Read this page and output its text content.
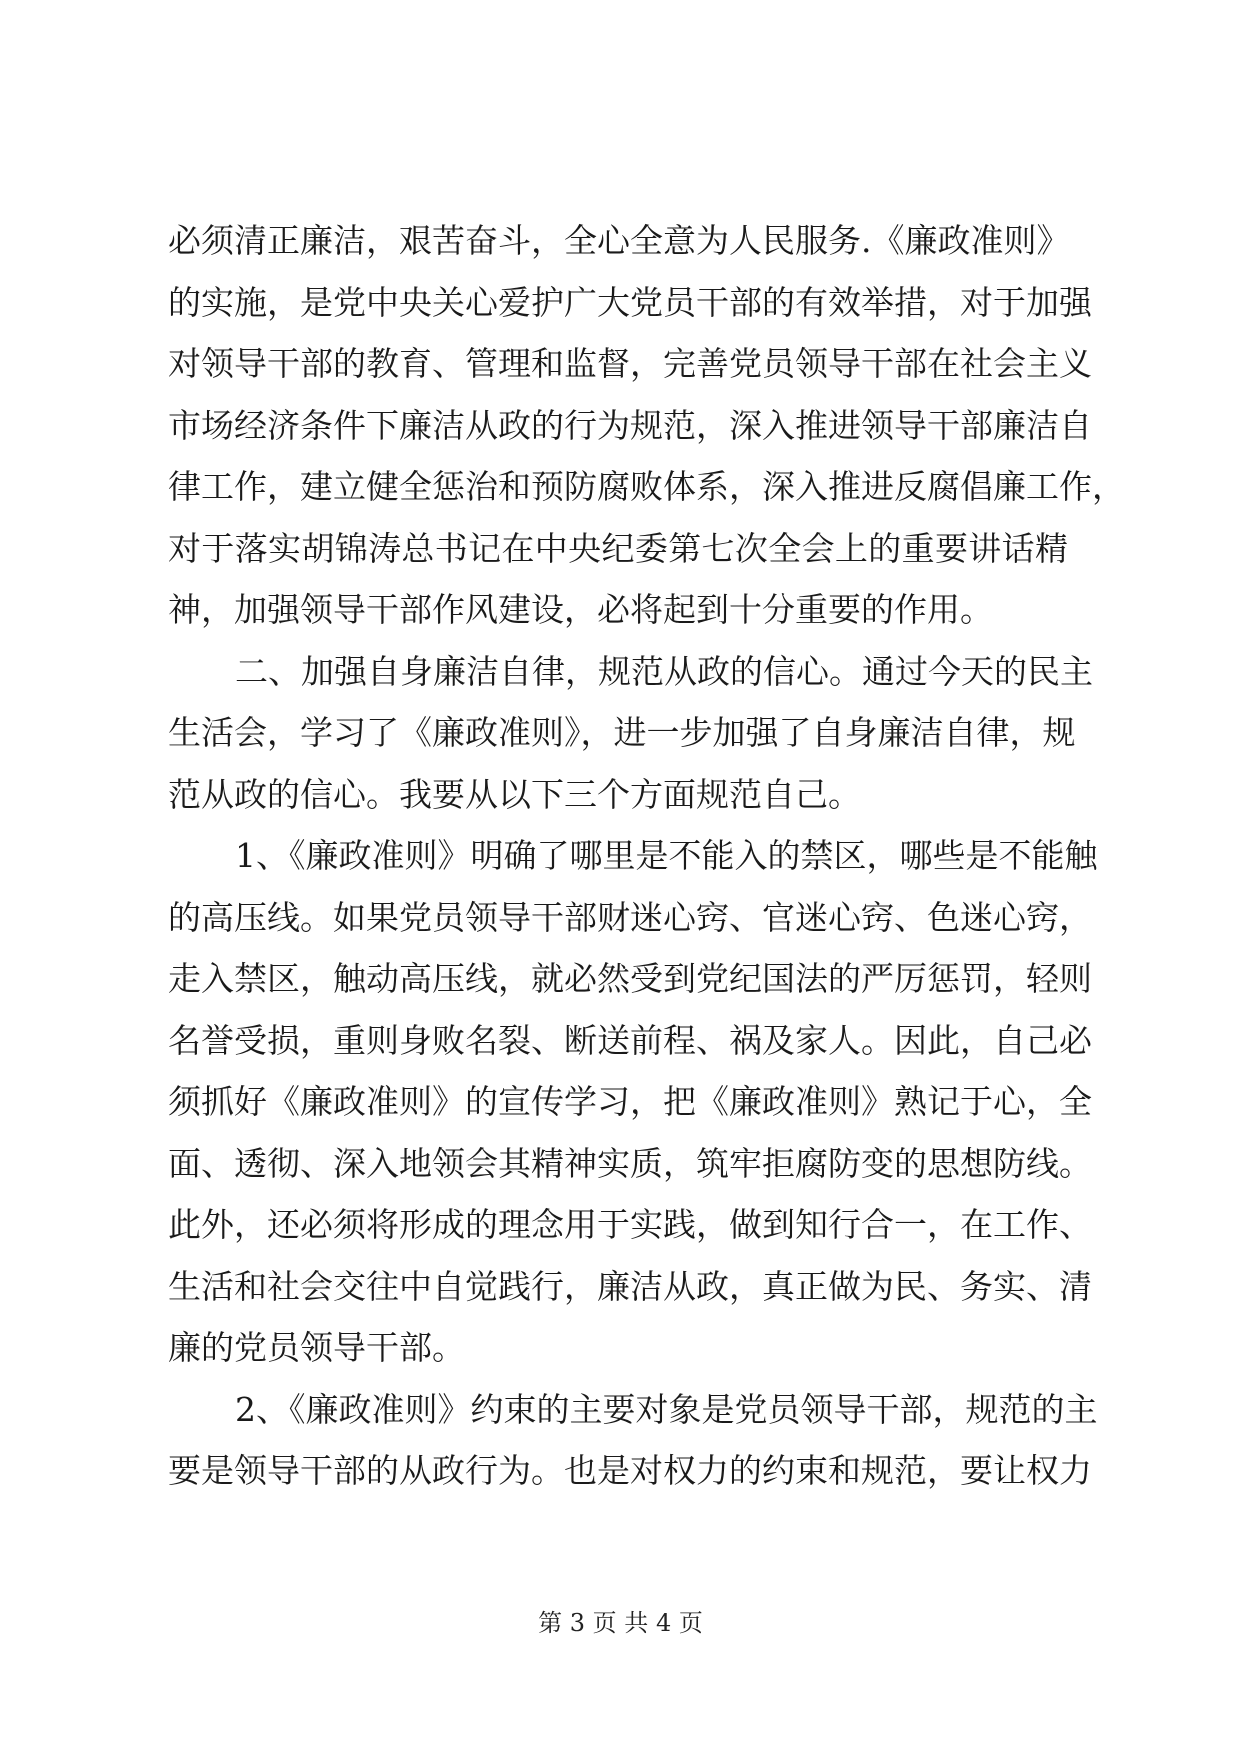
必须清正廉洁，艰苦奋斗，全心全意为人民服务.《廉政准则》
的实施，是党中央关心爱护广大党员干部的有效举措，对于加强
对领导干部的教育、管理和监督，完善党员领导干部在社会主义
市场经济条件下廉洁从政的行为规范，深入推进领导干部廉洁自
律工作，建立健全惩治和预防腐败体系，深入推进反腐倡廉工作，
对于落实胡锦涛总书记在中央纪委第七次全会上的重要讲话精
神，加强领导干部作风建设，必将起到十分重要的作用。
二、加强自身廉洁自律，规范从政的信心。通过今天的民主
生活会，学习了《廉政准则》，进一步加强了自身廉洁自律，规
范从政的信心。我要从以下三个方面规范自己。
1、《廉政准则》明确了哪里是不能入的禁区，哪些是不能触
的高压线。如果党员领导干部财迷心窍、官迷心窍、色迷心窍，
走入禁区，触动高压线，就必然受到党纪国法的严厉惩罚，轻则
名誉受损，重则身败名裂、断送前程、祸及家人。因此，自己必
须抓好《廉政准则》的宣传学习，把《廉政准则》熟记于心，全
面、透彻、深入地领会其精神实质，筑牢拒腐防变的思想防线。
此外，还必须将形成的理念用于实践，做到知行合一，在工作、
生活和社会交往中自觉践行，廉洁从政，真正做为民、务实、清
廉的党员领导干部。
2、《廉政准则》约束的主要对象是党员领导干部，规范的主
要是领导干部的从政行为。也是对权力的约束和规范，要让权力
第 3 页 共 4 页
